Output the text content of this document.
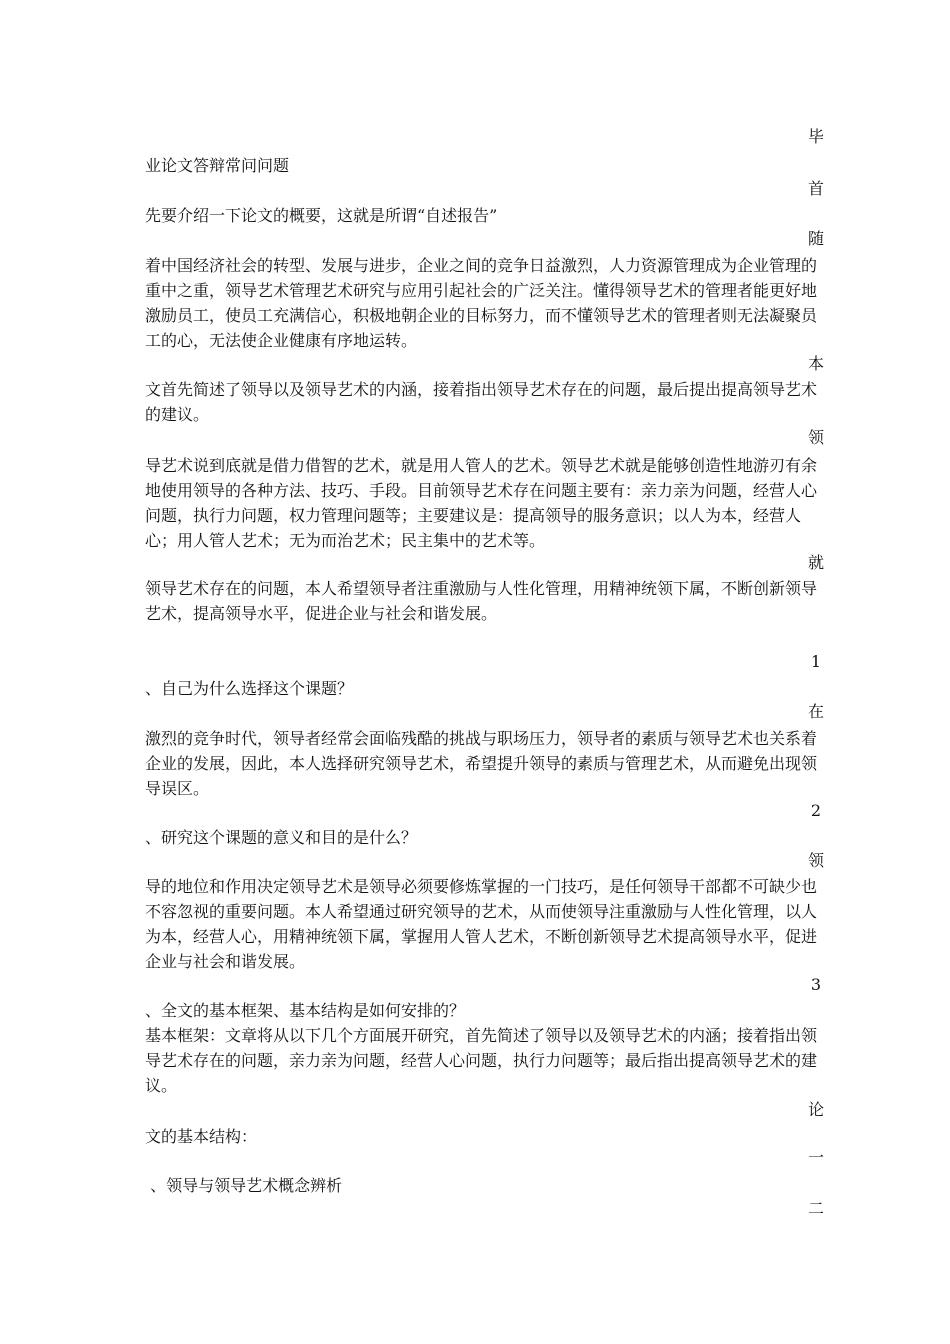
毕
首
随
本
领
就
1
在
2
领
3
论
一
二
业论文答辩常问问题
先要介绍一下论文的概要，这就是所谓“自述报告”
着中国经济社会的转型、发展与进步，企业之间的竞争日益激烈，人力资源管理成为企业管理的重中之重，领导艺术管理艺术研究与应用引起社会的广泛关注。懂得领导艺术的管理者能更好地激励员工，使员工充满信心，积极地朝企业的目标努力，而不懂领导艺术的管理者则无法凝聚员工的心，无法使企业健康有序地运转。
文首先简述了领导以及领导艺术的内涵，接着指出领导艺术存在的问题，最后提出提高领导艺术的建议。
导艺术说到底就是借力借智的艺术，就是用人管人的艺术。领导艺术就是能够创造性地游刃有余地使用领导的各种方法、技巧、手段。目前领导艺术存在问题主要有：亲力亲为问题，经营人心问题，执行力问题，权力管理问题等；主要建议是：提高领导的服务意识；以人为本，经营人心；用人管人艺术；无为而治艺术；民主集中的艺术等。
领导艺术存在的问题，本人希望领导者注重激励与人性化管理，用精神统领下属，不断创新领导艺术，提高领导水平，促进企业与社会和谐发展。
、自己为什么选择这个课题？
激烈的竞争时代，领导者经常会面临残酷的挑战与职场压力，领导者的素质与领导艺术也关系着企业的发展，因此，本人选择研究领导艺术，希望提升领导的素质与管理艺术，从而避免出现领导误区。
、研究这个课题的意义和目的是什么？
导的地位和作用决定领导艺术是领导必须要修炼掌握的一门技巧，是任何领导干部都不可缺少也不容忽视的重要问题。本人希望通过研究领导的艺术，从而使领导注重激励与人性化管理，以人为本，经营人心，用精神统领下属，掌握用人管人艺术，不断创新领导艺术提高领导水平，促进企业与社会和谐发展。
、全文的基本框架、基本结构是如何安排的？
基本框架：文章将从以下几个方面展开研究，首先简述了领导以及领导艺术的内涵；接着指出领导艺术存在的问题，亲力亲为问题，经营人心问题，执行力问题等；最后指出提高领导艺术的建议。
文的基本结构：
、领导与领导艺术概念辨析
